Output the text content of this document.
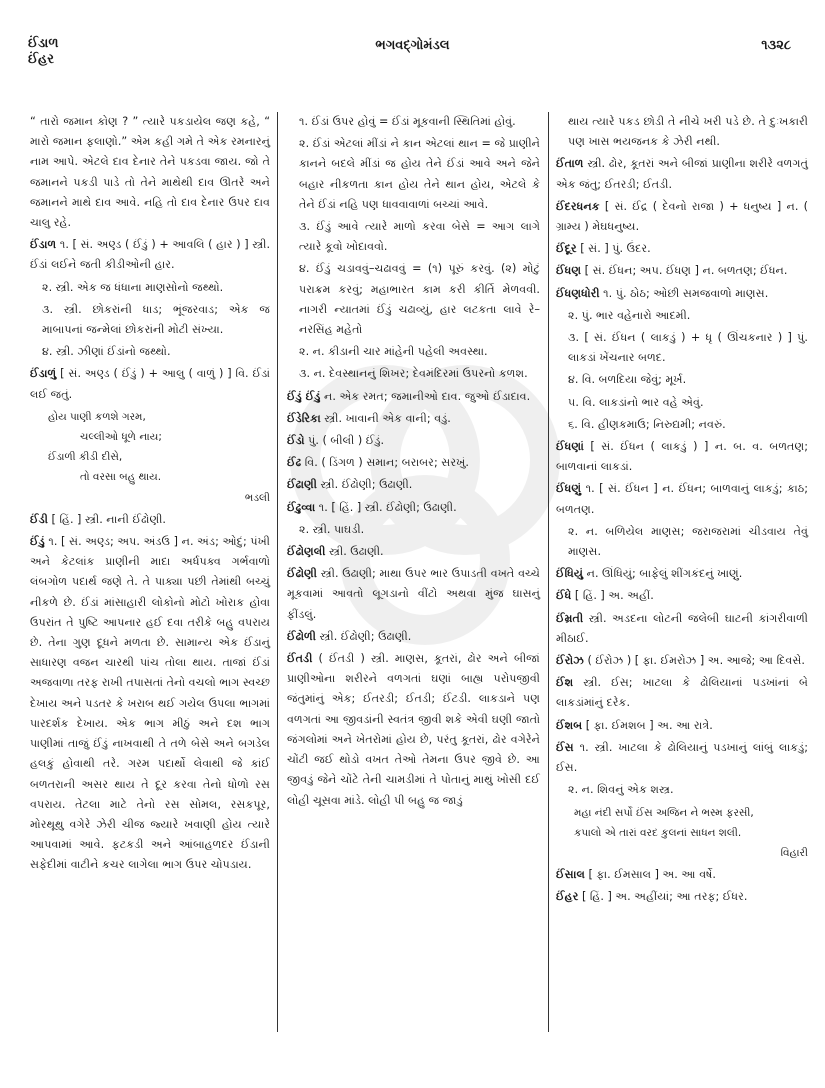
ઈંડાળ
ઈંહર
ભગવદ્ગોમંડલ	૧૩૨૮
“ તારો જમાન કોણ ? ” ત્યારે પકડાયેલ જણ કહે, “ મારો જમાન ફલાણો.” એમ કહી ગમે તે એક રમનારનું નામ આપે. એટલે દાવ દેનાર તેને પકડવા જાય. જો તે જમાનને પકડી પાડે તો તેને માથેથી દાવ ઊતરે અને જમાનને માથે દાવ આવે. નહિ તો દાવ દેનાર ઉપર દાવ ચાલુ રહે.
ઈંડાળ ૧. [ સં. અણ્ડ ( ઈંડું ) + આવલિ ( હાર ) ] સ્ત્રી. ઈંડાં લઈને જતી કીડીઓની હાર.
૨. સ્ત્રી. એક જ ધંધાના માણસોનો જથ્થો.
૩. સ્ત્રી. છોકરાંની ધાડ; ભૂંજરવાડ; એક જ માબાપનાં જન્મેલાં છોકરાંની મોટી સંખ્યા.
૪. સ્ત્રી. ઝીણાં ઈંડાંનો જથ્થો.
ઈંડાળું [ સં. અણ્ડ ( ઈંડું ) + આલુ ( વાળું ) ] વિ. ઈંડાં લઈ જતું.
હોય પાણી કળશે ગરમ,
ચલ્લીઓ ધૂળે નાય;
ઈંડાળી કીડી દીસે,
તો વરસા બહુ થાય.
ભડલી
ઈંડી [ હિં. ] સ્ત્રી. નાની ઈંઢોણી.
ઈંડું ૧. [ સં. અણ્ડ; અપ. અંડઉ ] ન. અંડ; ઓદું; પંખી અને કેટલાંક પ્રાણીની માદા અર્ધપક્વ ગર્ભવાળો લંબગોળ પદાર્થ જણે તે. તે પાક્યા પછી તેમાંથી બચ્ચું નીકળે છે. ઈંડાં માંસાહારી લોકોનો મોટો ખોરાક હોવા ઉપરાંત તે પુષ્ટિ આપનાર હઈ દવા તરીકે બહુ વપરાય છે. તેના ગુણ દૂધને મળતા છે. સામાન્ય એક ઈંડાનું સાધારણ વજન ચારથી પાંચ તોલા થાય. તાજાં ઈંડાં અજવાળા તરફ રાખી તપાસતાં તેનો વચલો ભાગ સ્વચ્છ દેખાય અને પડતર કે ખરાબ થઈ ગયેલ ઉપલા ભાગમાં પારદર્શક દેખાય. એક ભાગ મીઠું અને દશ ભાગ પાણીમાં તાજું ઈંડું નાખવાથી તે તળે બેસે અને બગડેલ હલકું હોવાથી તરે. ગરમ પદાર્થો લેવાથી જે કાંઈ બળતરાની અસર થાય તે દૂર કરવા તેનો ધોળો રસ વપરાય. તેટલા માટે તેનો રસ સોમલ, રસકપૂર, મોરથૂથુ વગેરે ઝેરી ચીજ જ્યારે ખવાણી હોય ત્યારે આપવામાં આવે. ફટકડી અને આંબાહળદર ઈંડાની સફેદીમાં વાટીને કચર લાગેલા ભાગ ઉપર ચોપડાય.
૧. ઈંડાં ઉપર હોવું = ઈંડાં મૂકવાની સ્થિતિમાં હોવું.
૨. ઈંડાં એટલાં મીંડાં ને કાન એટલાં થાન = જે પ્રાણીને કાનને બદલે મીંડાં જ હોય તેને ઈંડાં આવે અને જેને બહાર નીકળતા કાન હોય તેને થાન હોય, એટલે કે તેને ઈંડાં નહિ પણ ધાવવાવાળાં બચ્ચાં આવે.
૩. ઈંડું આવે ત્યારે માળો કરવા બેસે = આગ લાગે ત્યારે કૂવો ખોદાવવો.
૪. ઈંડું ચડાવવું–ચઢાવવું = (૧) પૂરું કરવું. (૨) મોટું પરાક્રમ કરવું; મહાભારત કામ કરી કીર્તિ મેળવવી. નાગરી ન્યાતમાં ઈંડું ચઢાવ્યું, હાર લટકતા લાવે રે–નરસિંહ મહેતો
૨. ન. કીડાની ચાર માંહેની પહેલી અવસ્થા.
૩. ન. દેવસ્થાનનું શિખર; દેવમંદિરમાં ઉપરનો કળશ.
ઈંડું ઈંડું ન. એક રમત; જમાનીઓ દાવ. જુઓ ઈંડાદાવ.
ઈંડેરિકા સ્ત્રી. ખાવાની એક વાની; વડું.
ઈંડો પું. ( બીલી ) ઈંડું.
ઈંઢ વિ. ( ડિંગળ ) સમાન; બરાબર; સરખું.
ઈંઢાણી સ્ત્રી. ઈંઢોણી; ઉઢાણી.
ઈંઢુવ્વા ૧. [ હિં. ] સ્ત્રી. ઈંઢોણી; ઉઢાણી.
૨. સ્ત્રી. પાઘડી.
ઈંઢોણલી સ્ત્રી. ઉઢાણી.
ઈંઢોણી સ્ત્રી. ઉઢાણી; માથા ઉપર ભાર ઉપાડતી વખતે વચ્ચે મૂકવામાં આવતો લૂગડાનો વીંટો અથવા મુંજ ઘાસનું ફીંડલું.
ઈંઢોળી સ્ત્રી. ઈંઢોણી; ઉઢાણી.
ઈંતડી ( ઈંતડી ) સ્ત્રી. માણસ, કૂતરાં, ઢોર અને બીજાં પ્રાણીઓના શરીરને વળગતાં ઘણાં બાહ્ય પરોપજીવી જંતુમાંનું એક; ઈતરડી; ઈતડી; ઈંટડી. લાકડાને પણ વળગતાં આ જીવડાંની સ્વતંત્ર જીવી શકે એવી ઘણી જાતો જંગલોમાં અને ખેતરોમાં હોય છે, પરંતુ કૂતરાં, ઢોર વગેરેને ચોંટી જઈ થોડો વખત તેઓ તેમના ઉપર જીવે છે. આ જીવડું જેને ચોંટે તેની ચામડીમાં તે પોતાનું માથું ખોસી દઈ લોહી ચૂસવા માંડે. લોહી પી બહુ જ જાડું
થાય ત્યારે પકડ છોડી તે નીચે ખરી પડે છે. તે દુઃખકારી પણ ખાસ ભયજનક કે ઝેરી નથી.
ઈંતાળ સ્ત્રી. ઢોર, કૂતરાં અને બીજાં પ્રાણીના શરીરે વળગતું એક જંતુ; ઈતરડી; ઈતડી.
ઈંદરધનક [ સં. ઈંદ્ર ( દેવનો રાજા ) + ધનુષ્ય ] ન. ( ગ્રામ્ય ) મેઘધનુષ્ય.
ઈંદૂર [ સં. ] પું. ઉંદર.
ઈંધણ [ સં. ઈંધન; અપ. ઈંધણ ] ન. બળતણ; ઈંધન.
ઈંધણધોરી ૧. પું. ઠોઠ; ઓછી સમજવાળો માણસ.
૨. પું. ભાર વહેનારો આદમી.
૩. [ સં. ઈંધન ( લાકડું ) + ધૃ ( ઊંચકનાર ) ] પું. લાકડાં ખેંચનાર બળદ.
૪. વિ. બળદિયા જેવું; મૂર્ખ.
૫. વિ. લાકડાંનો ભાર વહે એવું.
૬. વિ. હીણકમાઉ; નિરુદ્યમી; નવરું.
ઈંધણાં [ સં. ઈંધન ( લાકડું ) ] ન. બ. વ. બળતણ; બાળવાનાં લાકડાં.
ઈંધણું ૧. [ સં. ઈંધન ] ન. ઈંધન; બાળવાનું લાકડું; કાઠ; બળતણ.
૨. ન. બળિયેલ માણસ; જરાજરામાં ચીડવાય તેવું માણસ.
ઈંધિયું ન. ઊંધિયું; બાફેલું શીંગકંદનું ખાણું.
ઈંધે [ હિં. ] અ. અહીં.
ઈંમ્રતી સ્ત્રી. અડદના લોટની જલેબી ઘાટની કાંગરીવાળી મીઠાઈ.
ઈંરોઝ ( ઈંરોઝ ) [ ફા. ઈમરોઝ ] અ. આજે; આ દિવસે.
ઈંશ સ્ત્રી. ઈસ; ખાટલા કે ઢોલિયાનાં પડખાંનાં બે લાકડાંમાંનું દરેક.
ઈંશબ [ ફા. ઈમશબ ] અ. આ રાત્રે.
ઈંસ ૧. સ્ત્રી. ખાટલા કે ઢોલિયાનું પડખાનું લાંબું લાકડું; ઈસ.
૨. ન. શિવનું એક શસ્ત્ર.
મહા નંદી સર્પો ઈંસ અજિન ને ભસ્મ ફરસી,
કપાલો એ તારાં વરદ કુલનાં સાધન શલી.
વિહારી
ઈંસાલ [ ફા. ઈમસાલ ] અ. આ વર્ષે.
ઈંહર [ હિં. ] અ. અહીંયાં; આ તરફ; ઈધર.
